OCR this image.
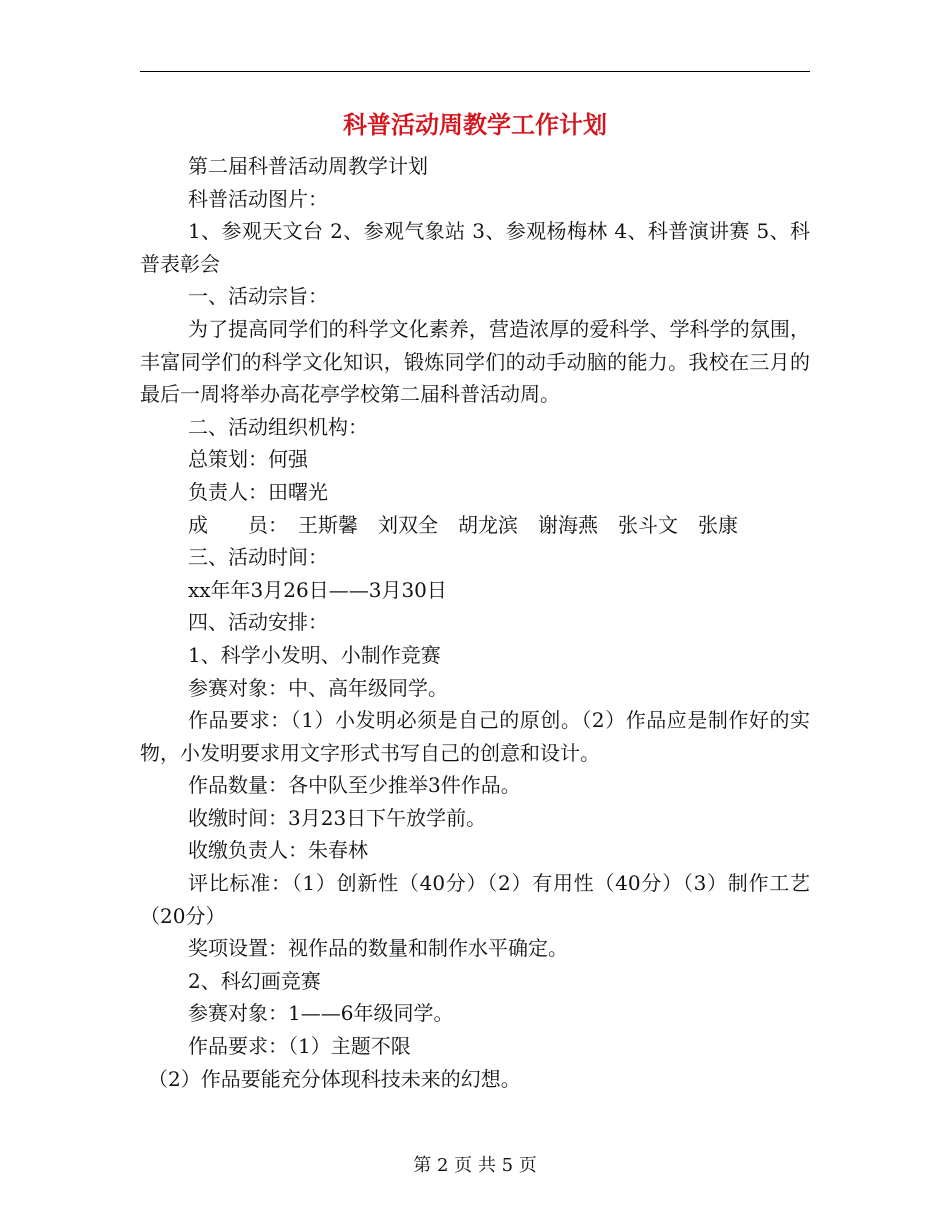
科普活动周教学工作计划

第二届科普活动周教学计划

科普活动图片：

1、参观天文台 2、参观气象站 3、参观杨梅林 4、科普演讲赛 5、科普表彰会

一、活动宗旨：

为了提高同学们的科学文化素养，营造浓厚的爱科学、学科学的氛围，丰富同学们的科学文化知识，锻炼同学们的动手动脑的能力。我校在三月的最后一周将举办高花亭学校第二届科普活动周。

二、活动组织机构：

总策划：何强

负责人：田曙光

成　　员：　王斯馨　刘双全　胡龙滨　谢海燕　张斗文　张康

三、活动时间：

xx年年3月26日——3月30日

四、活动安排：

1、科学小发明、小制作竞赛

参赛对象：中、高年级同学。

作品要求：（1）小发明必须是自己的原创。（2）作品应是制作好的实物，小发明要求用文字形式书写自己的创意和设计。

作品数量：各中队至少推举3件作品。

收缴时间：3月23日下午放学前。

收缴负责人：朱春林

评比标准：（1）创新性（40分）（2）有用性（40分）（3）制作工艺（20分）

奖项设置：视作品的数量和制作水平确定。

2、科幻画竞赛

参赛对象：1——6年级同学。

作品要求：（1）主题不限

（2）作品要能充分体现科技未来的幻想。

第 2 页 共 5 页
